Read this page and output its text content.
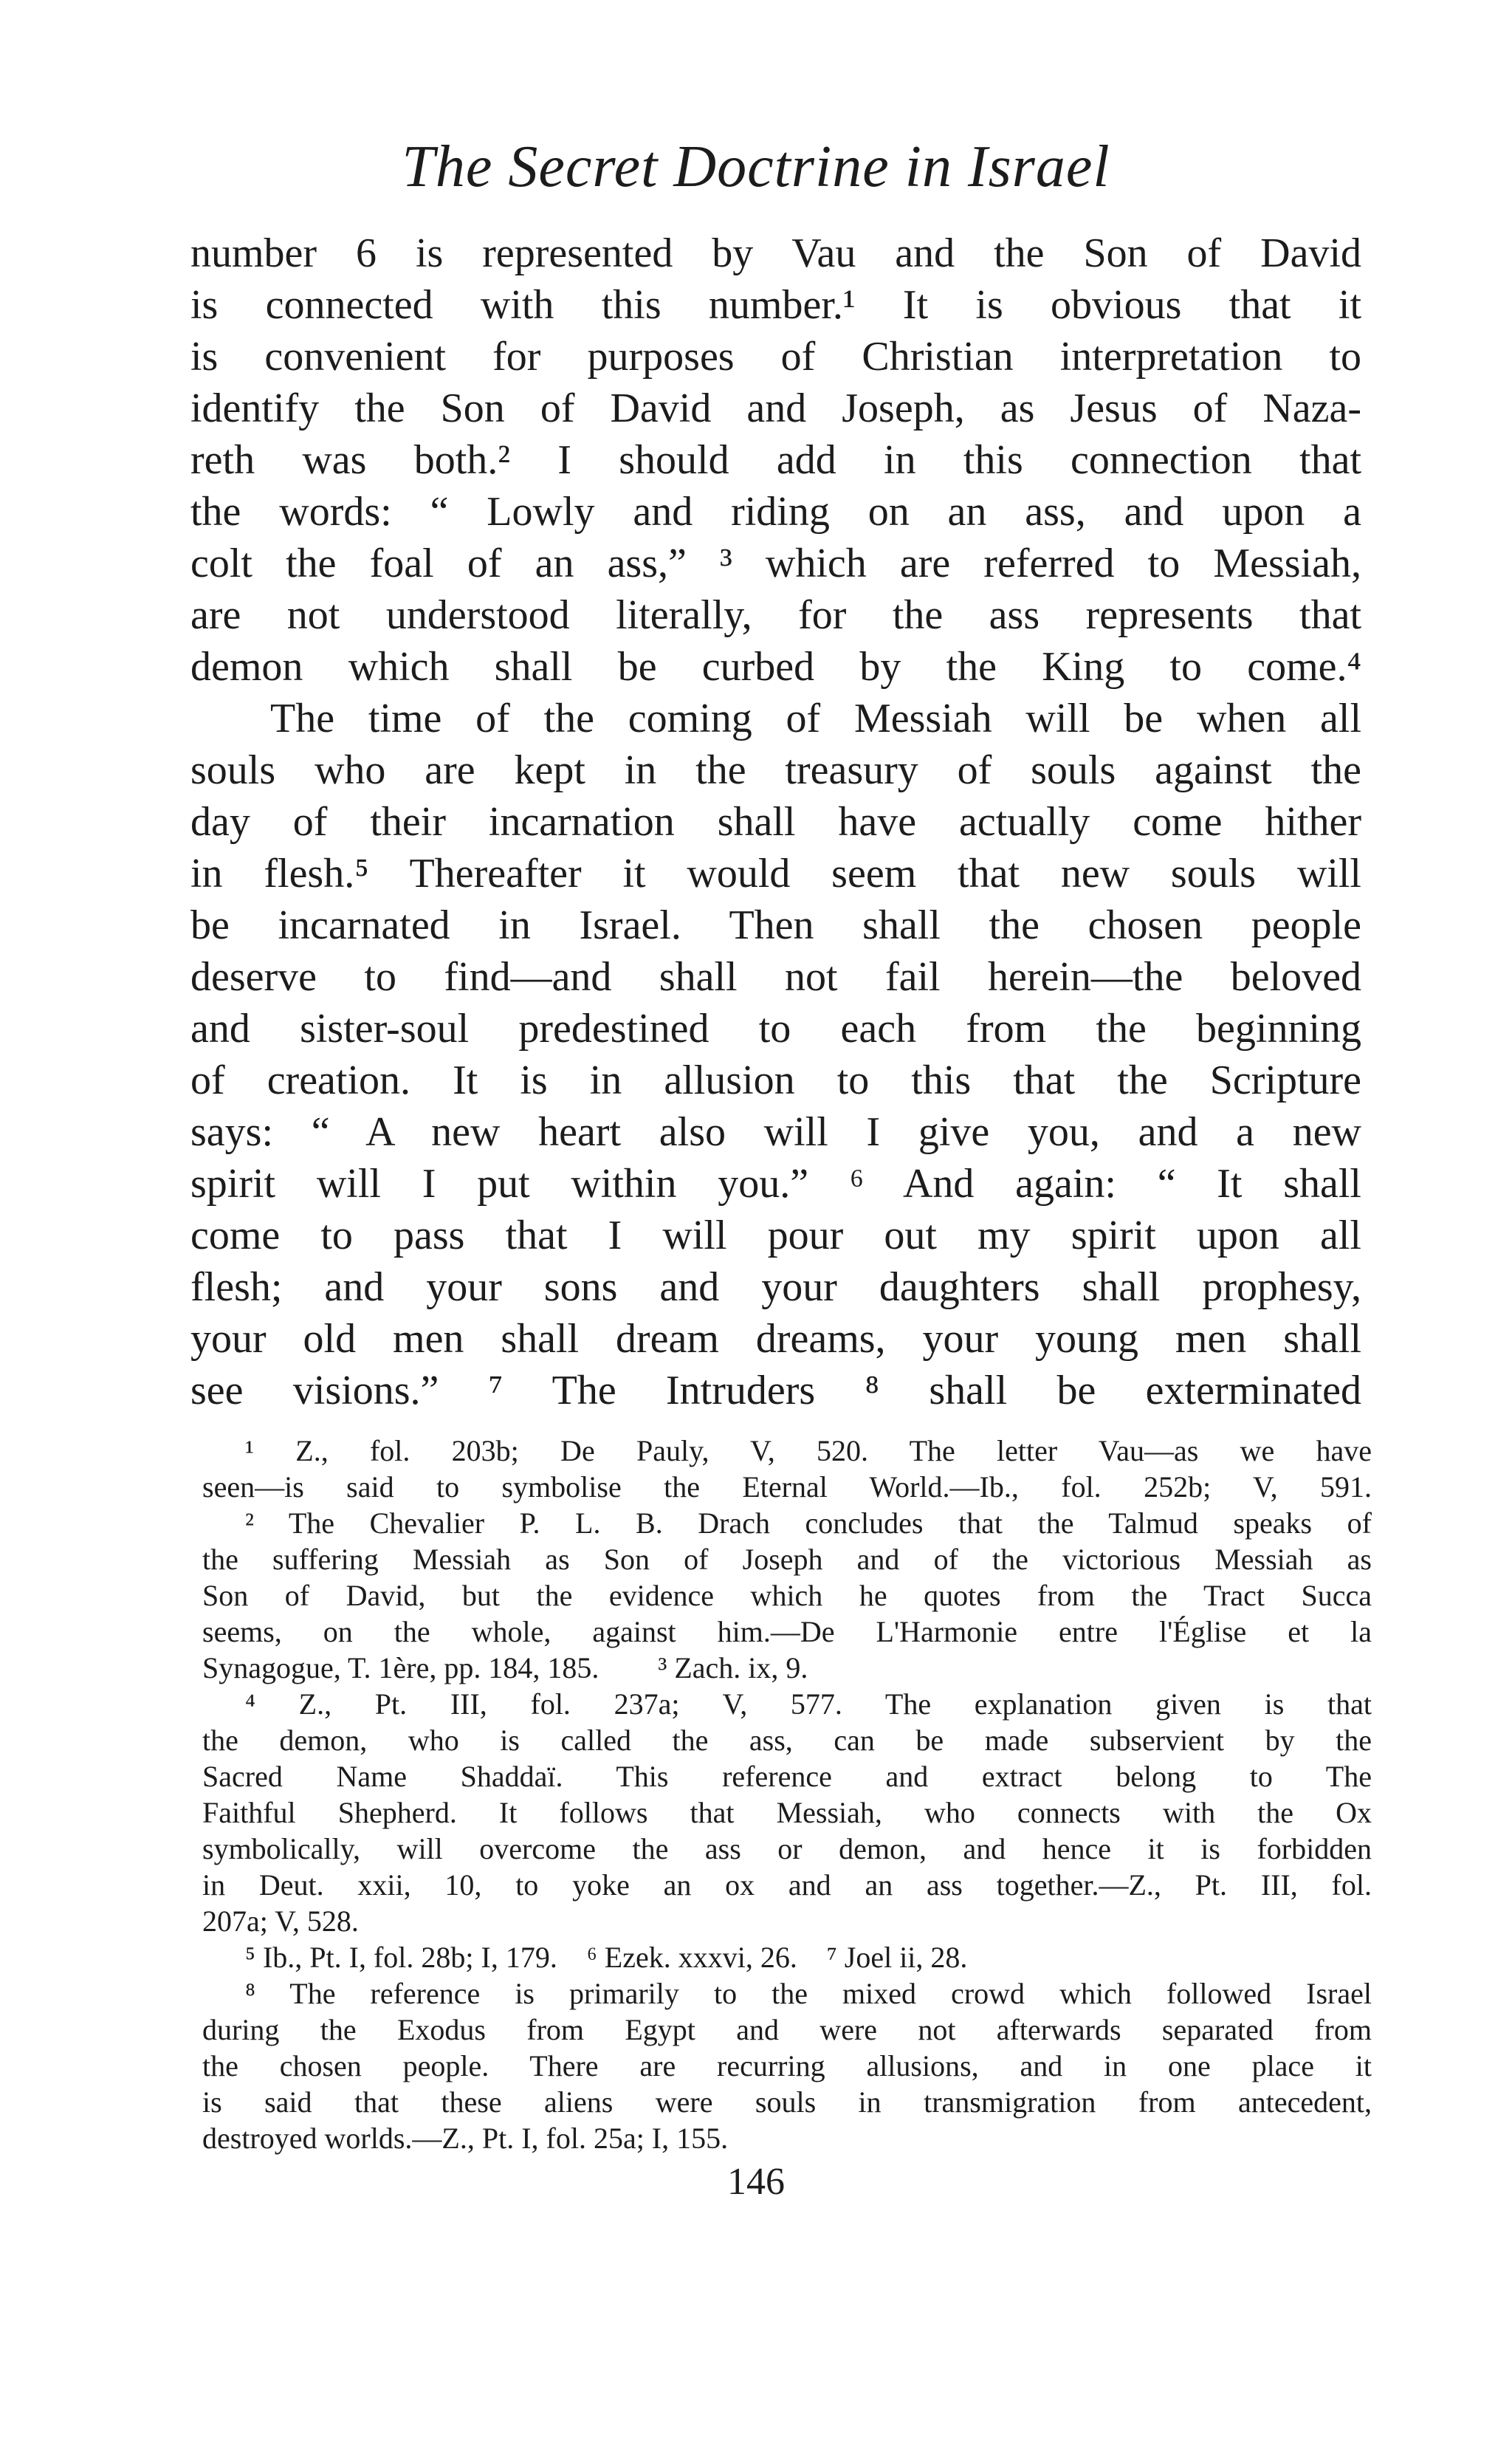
The Secret Doctrine in Israel
number 6 is represented by Vau and the Son of David
is connected with this number.¹ It is obvious that it
is convenient for purposes of Christian interpretation to
identify the Son of David and Joseph, as Jesus of Naza-
reth was both.² I should add in this connection that
the words: “ Lowly and riding on an ass, and upon a
colt the foal of an ass,” ³ which are referred to Messiah,
are not understood literally, for the ass represents that
demon which shall be curbed by the King to come.⁴
The time of the coming of Messiah will be when all
souls who are kept in the treasury of souls against the
day of their incarnation shall have actually come hither
in flesh.⁵ Thereafter it would seem that new souls will
be incarnated in Israel. Then shall the chosen people
deserve to find—and shall not fail herein—the beloved
and sister-soul predestined to each from the beginning
of creation. It is in allusion to this that the Scripture
says: “ A new heart also will I give you, and a new
spirit will I put within you.” ⁶ And again: “ It shall
come to pass that I will pour out my spirit upon all
flesh; and your sons and your daughters shall prophesy,
your old men shall dream dreams, your young men shall
see visions.” ⁷ The Intruders ⁸ shall be exterminated
¹ Z., fol. 203b; De Pauly, V, 520. The letter Vau—as we have
seen—is said to symbolise the Eternal World.—Ib., fol. 252b; V, 591.
² The Chevalier P. L. B. Drach concludes that the Talmud speaks of
the suffering Messiah as Son of Joseph and of the victorious Messiah as
Son of David, but the evidence which he quotes from the Tract Succa
seems, on the whole, against him.—De L'Harmonie entre l'Église et la
Synagogue, T. 1ère, pp. 184, 185.        ³ Zach. ix, 9.
⁴ Z., Pt. III, fol. 237a; V, 577. The explanation given is that
the demon, who is called the ass, can be made subservient by the
Sacred Name Shaddaï. This reference and extract belong to The
Faithful Shepherd. It follows that Messiah, who connects with the Ox
symbolically, will overcome the ass or demon, and hence it is forbidden
in Deut. xxii, 10, to yoke an ox and an ass together.—Z., Pt. III, fol.
207a; V, 528.
⁵ Ib., Pt. I, fol. 28b; I, 179.    ⁶ Ezek. xxxvi, 26.    ⁷ Joel ii, 28.
⁸ The reference is primarily to the mixed crowd which followed Israel
during the Exodus from Egypt and were not afterwards separated from
the chosen people. There are recurring allusions, and in one place it
is said that these aliens were souls in transmigration from antecedent,
destroyed worlds.—Z., Pt. I, fol. 25a; I, 155.
146
